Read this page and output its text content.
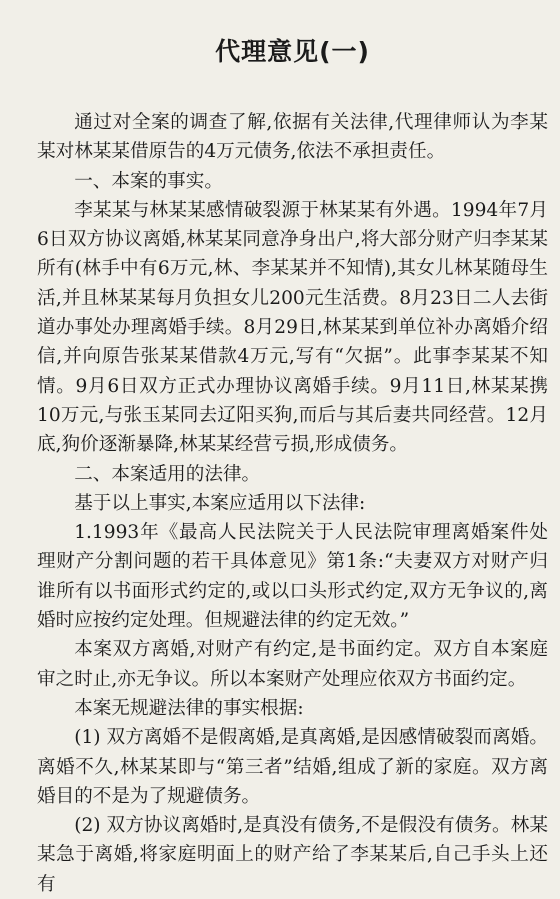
代理意见(一)

通过对全案的调查了解,依据有关法律,代理律师认为李某某对林某某借原告的4万元债务,依法不承担责任。

一、本案的事实。

李某某与林某某感情破裂源于林某某有外遇。1994年7月6日双方协议离婚,林某某同意净身出户,将大部分财产归李某某所有(林手中有6万元,林、李某某并不知情),其女儿林某随母生活,并且林某某每月负担女儿200元生活费。8月23日二人去街道办事处办理离婚手续。8月29日,林某某到单位补办离婚介绍信,并向原告张某某借款4万元,写有“欠据”。此事李某某不知情。9月6日双方正式办理协议离婚手续。9月11日,林某某携10万元,与张玉某同去辽阳买狗,而后与其后妻共同经营。12月底,狗价逐渐暴降,林某某经营亏损,形成债务。

二、本案适用的法律。

基于以上事实,本案应适用以下法律:

1.1993年《最高人民法院关于人民法院审理离婚案件处理财产分割问题的若干具体意见》第1条:“夫妻双方对财产归谁所有以书面形式约定的,或以口头形式约定,双方无争议的,离婚时应按约定处理。但规避法律的约定无效。”

本案双方离婚,对财产有约定,是书面约定。双方自本案庭审之时止,亦无争议。所以本案财产处理应依双方书面约定。

本案无规避法律的事实根据:

(1) 双方离婚不是假离婚,是真离婚,是因感情破裂而离婚。离婚不久,林某某即与“第三者”结婚,组成了新的家庭。双方离婚目的不是为了规避债务。

(2) 双方协议离婚时,是真没有债务,不是假没有债务。林某某急于离婚,将家庭明面上的财产给了李某某后,自己手头上还有
